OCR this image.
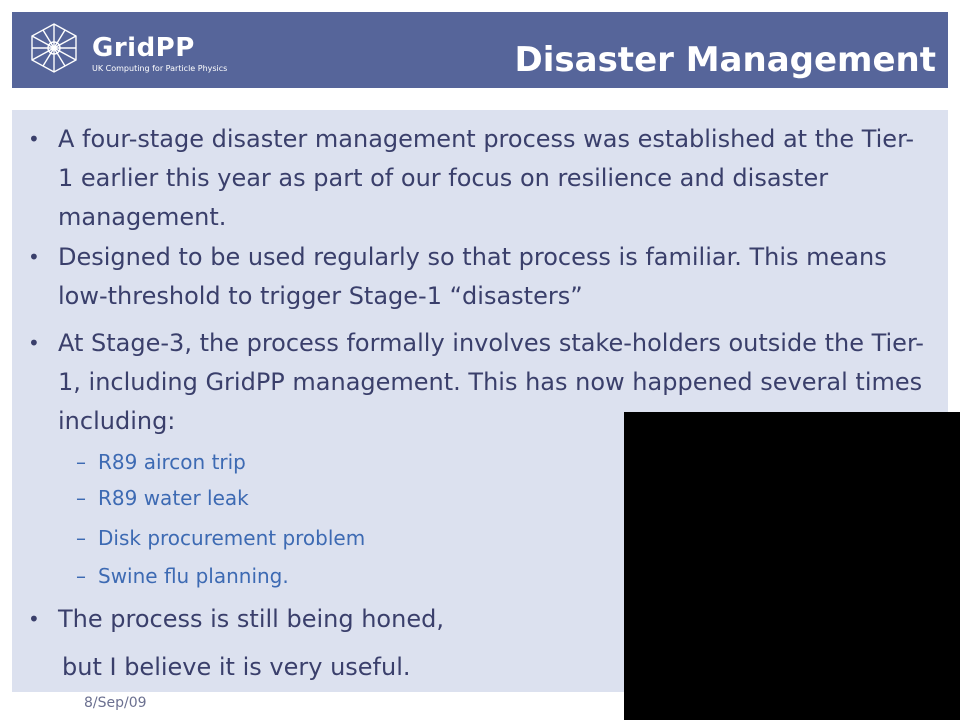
GridPP
UK Computing for Particle Physics	Disaster Management
• A four-stage disaster management process was established at the Tier-1 earlier this year as part of our focus on resilience and disaster management.
• Designed to be used regularly so that process is familiar. This means low-threshold to trigger Stage-1 “disasters”
• At Stage-3, the process formally involves stake-holders outside the Tier-1, including GridPP management. This has now happened several times including:
– R89 aircon trip
– R89 water leak
– Disk procurement problem
– Swine flu planning.
• The process is still being honed,
but I believe it is very useful.
8/Sep/09
